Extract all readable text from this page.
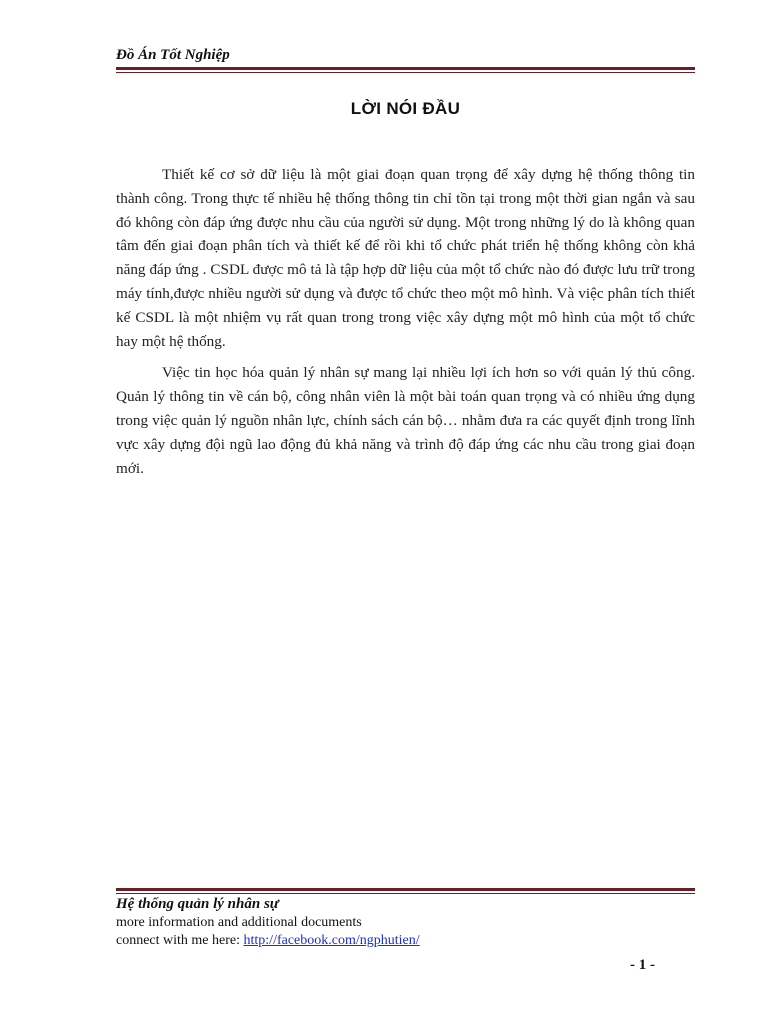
Đồ Án Tốt Nghiệp
LỜI NÓI ĐẦU

Thiết kế cơ sở dữ liệu là một giai đoạn quan trọng để xây dựng hệ thống thông tin thành công. Trong thực tế nhiều hệ thống thông tin chỉ tồn tại trong một thời gian ngắn và sau đó không còn đáp ứng được nhu cầu của người sử dụng. Một trong những lý do là không quan tâm đến giai đoạn phân tích và thiết kế để rồi khi tổ chức phát triển hệ thống không còn khả năng đáp ứng . CSDL được mô tả là tập hợp dữ liệu của một tổ chức nào đó được lưu trữ trong máy tính,được nhiều người sử dụng và được tổ chức theo một mô hình. Và việc phân tích thiết kế CSDL là một nhiệm vụ rất quan trong trong việc xây dựng một mô hình của một tổ chức hay một hệ thống.

Việc tin học hóa quản lý nhân sự mang lại nhiều lợi ích hơn so với quản lý thủ công. Quản lý thông tin về cán bộ, công nhân viên là một bài toán quan trọng và có nhiều ứng dụng trong việc quản lý nguồn nhân lực, chính sách cán bộ… nhằm đưa ra các quyết định trong lĩnh vực xây dựng đội ngũ lao động đủ khả năng và trình độ đáp ứng các nhu cầu trong giai đoạn mới.

Hệ thống quản lý nhân sự
more information and additional documents
connect with me here: http://facebook.com/ngphutien/
- 1 -
